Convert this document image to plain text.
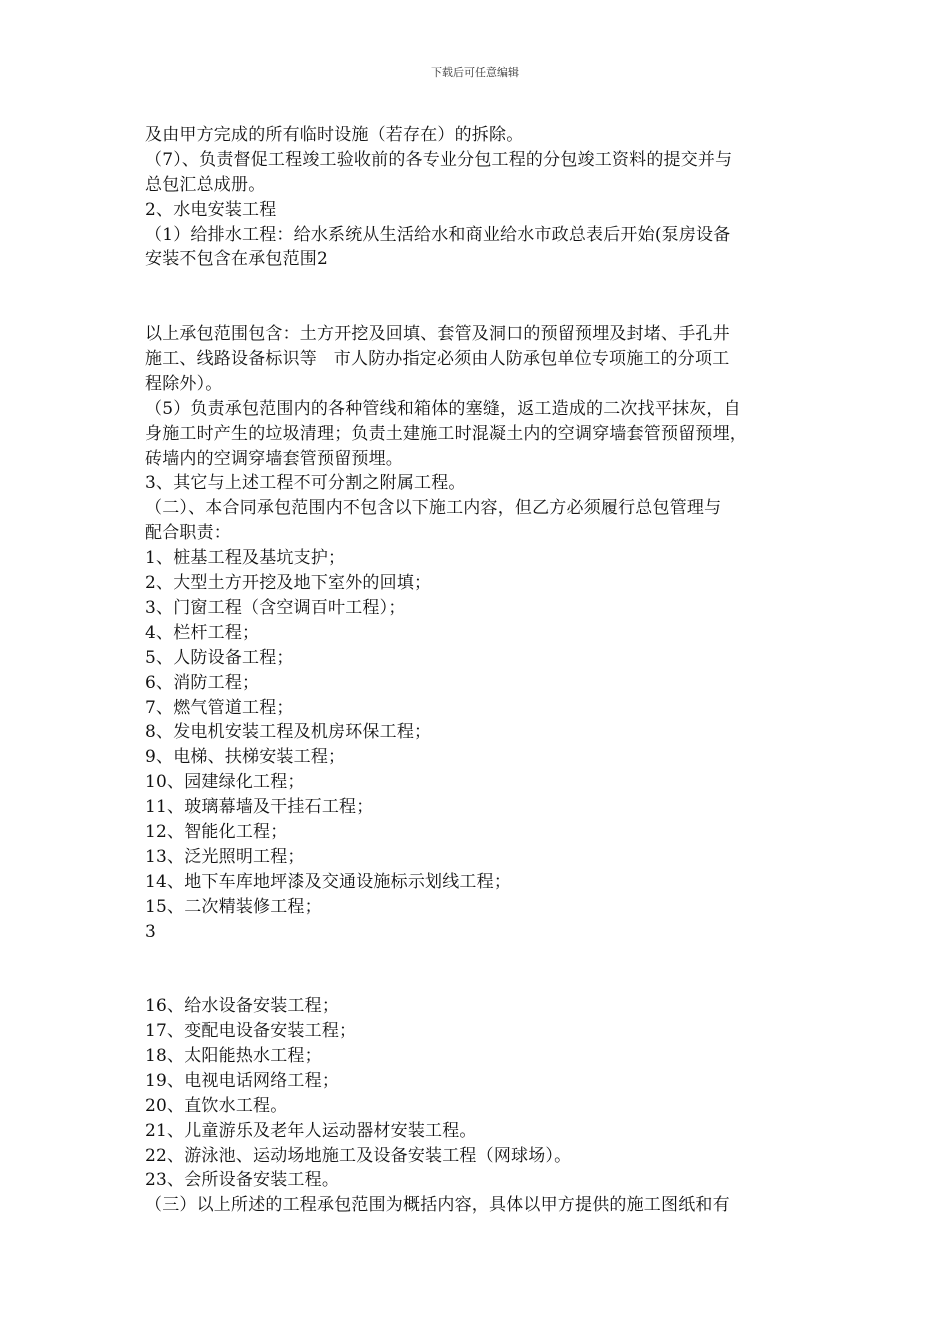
下载后可任意编辑
及由甲方完成的所有临时设施（若存在）的拆除。
（7）、负责督促工程竣工验收前的各专业分包工程的分包竣工资料的提交并与
总包汇总成册。
2、水电安装工程
（1）给排水工程：给水系统从生活给水和商业给水市政总表后开始(泵房设备
安装不包含在承包范围2
以上承包范围包含：土方开挖及回填、套管及洞口的预留预埋及封堵、手孔井
施工、线路设备标识等   市人防办指定必须由人防承包单位专项施工的分项工
程除外）。
（5）负责承包范围内的各种管线和箱体的塞缝，返工造成的二次找平抹灰，自
身施工时产生的垃圾清理；负责土建施工时混凝土内的空调穿墙套管预留预埋，
砖墙内的空调穿墙套管预留预埋。
3、其它与上述工程不可分割之附属工程。
（二）、本合同承包范围内不包含以下施工内容，但乙方必须履行总包管理与
配合职责：
1、桩基工程及基坑支护；
2、大型土方开挖及地下室外的回填；
3、门窗工程（含空调百叶工程）；
4、栏杆工程；
5、人防设备工程；
6、消防工程；
7、燃气管道工程；
8、发电机安装工程及机房环保工程；
9、电梯、扶梯安装工程；
10、园建绿化工程；
11、玻璃幕墙及干挂石工程；
12、智能化工程；
13、泛光照明工程；
14、地下车库地坪漆及交通设施标示划线工程；
15、二次精装修工程；
3
16、给水设备安装工程；
17、变配电设备安装工程；
18、太阳能热水工程；
19、电视电话网络工程；
20、直饮水工程。
21、儿童游乐及老年人运动器材安装工程。
22、游泳池、运动场地施工及设备安装工程（网球场）。
23、会所设备安装工程。
（三）以上所述的工程承包范围为概括内容，具体以甲方提供的施工图纸和有
